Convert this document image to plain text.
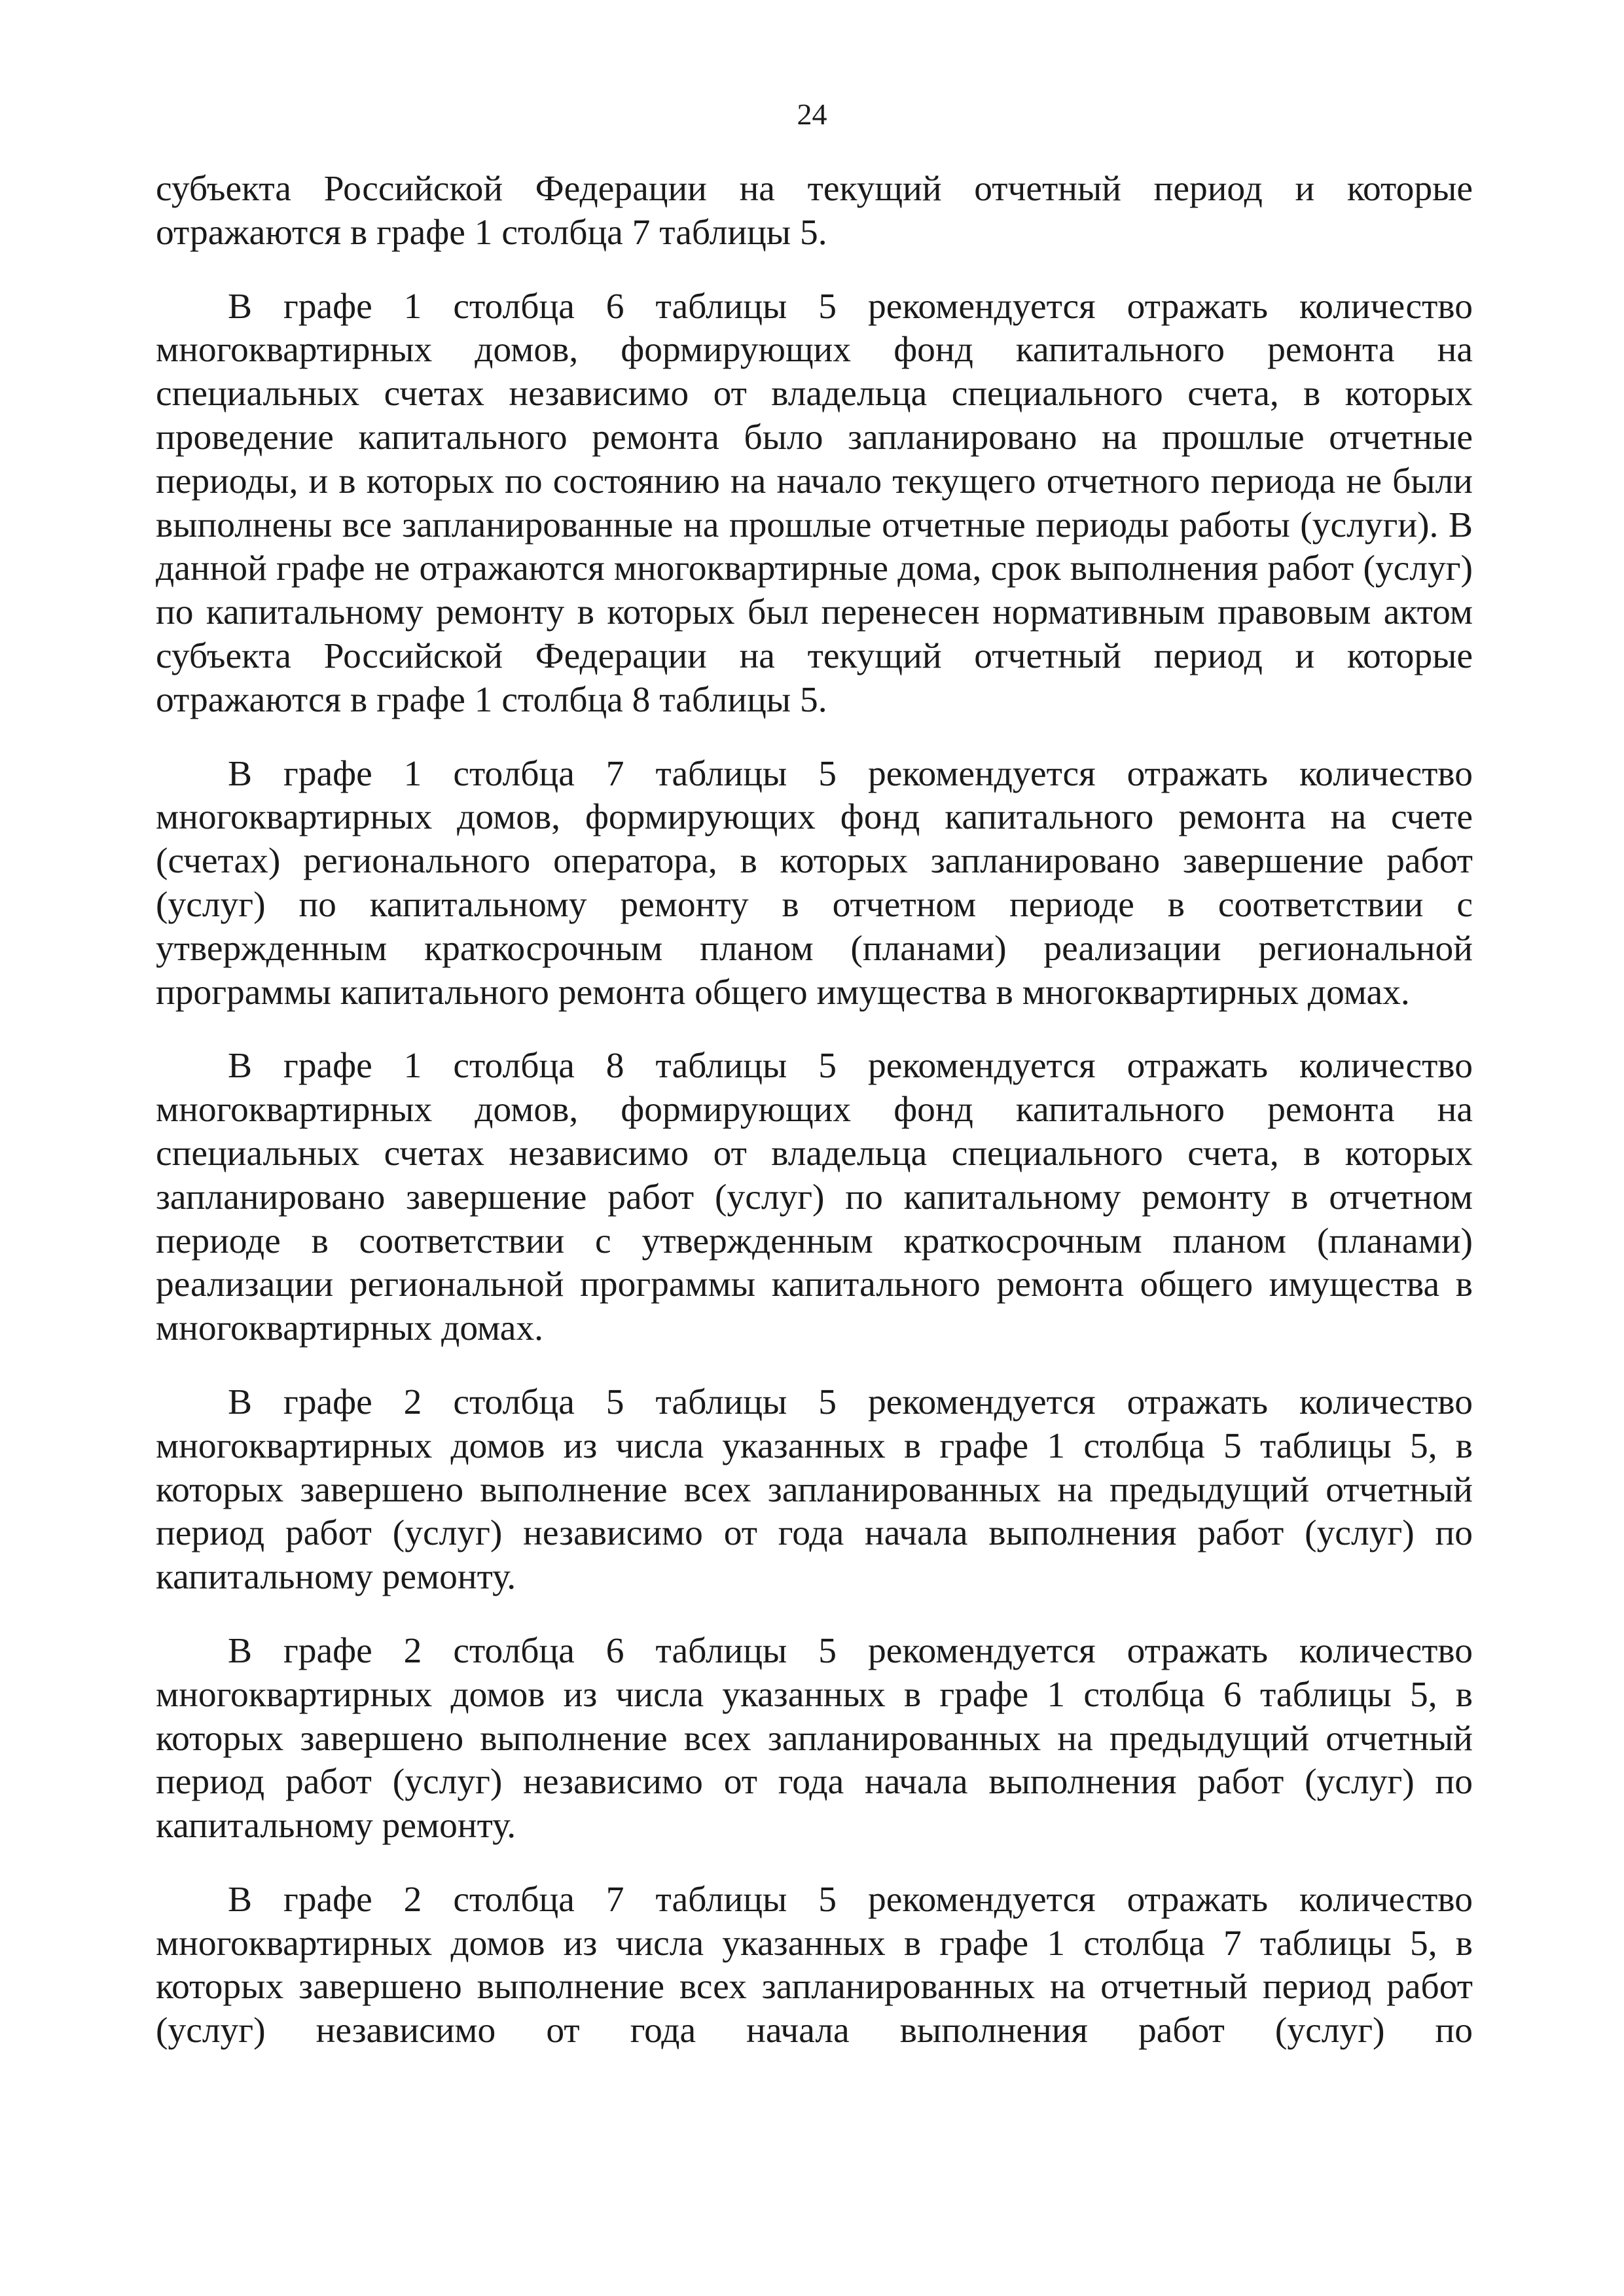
24

субъекта Российской Федерации на текущий отчетный период и которые отражаются в графе 1 столбца 7 таблицы 5.

В графе 1 столбца 6 таблицы 5 рекомендуется отражать количество многоквартирных домов, формирующих фонд капитального ремонта на специальных счетах независимо от владельца специального счета, в которых проведение капитального ремонта было запланировано на прошлые отчетные периоды, и в которых по состоянию на начало текущего отчетного периода не были выполнены все запланированные на прошлые отчетные периоды работы (услуги). В данной графе не отражаются многоквартирные дома, срок выполнения работ (услуг) по капитальному ремонту в которых был перенесен нормативным правовым актом субъекта Российской Федерации на текущий отчетный период и которые отражаются в графе 1 столбца 8 таблицы 5.

В графе 1 столбца 7 таблицы 5 рекомендуется отражать количество многоквартирных домов, формирующих фонд капитального ремонта на счете (счетах) регионального оператора, в которых запланировано завершение работ (услуг) по капитальному ремонту в отчетном периоде в соответствии с утвержденным краткосрочным планом (планами) реализации региональной программы капитального ремонта общего имущества в многоквартирных домах.

В графе 1 столбца 8 таблицы 5 рекомендуется отражать количество многоквартирных домов, формирующих фонд капитального ремонта на специальных счетах независимо от владельца специального счета, в которых запланировано завершение работ (услуг) по капитальному ремонту в отчетном периоде в соответствии с утвержденным краткосрочным планом (планами) реализации региональной программы капитального ремонта общего имущества в многоквартирных домах.

В графе 2 столбца 5 таблицы 5 рекомендуется отражать количество многоквартирных домов из числа указанных в графе 1 столбца 5 таблицы 5, в которых завершено выполнение всех запланированных на предыдущий отчетный период работ (услуг) независимо от года начала выполнения работ (услуг) по капитальному ремонту.

В графе 2 столбца 6 таблицы 5 рекомендуется отражать количество многоквартирных домов из числа указанных в графе 1 столбца 6 таблицы 5, в которых завершено выполнение всех запланированных на предыдущий отчетный период работ (услуг) независимо от года начала выполнения работ (услуг) по капитальному ремонту.

В графе 2 столбца 7 таблицы 5 рекомендуется отражать количество многоквартирных домов из числа указанных в графе 1 столбца 7 таблицы 5, в которых завершено выполнение всех запланированных на отчетный период работ (услуг) независимо от года начала выполнения работ (услуг) по
